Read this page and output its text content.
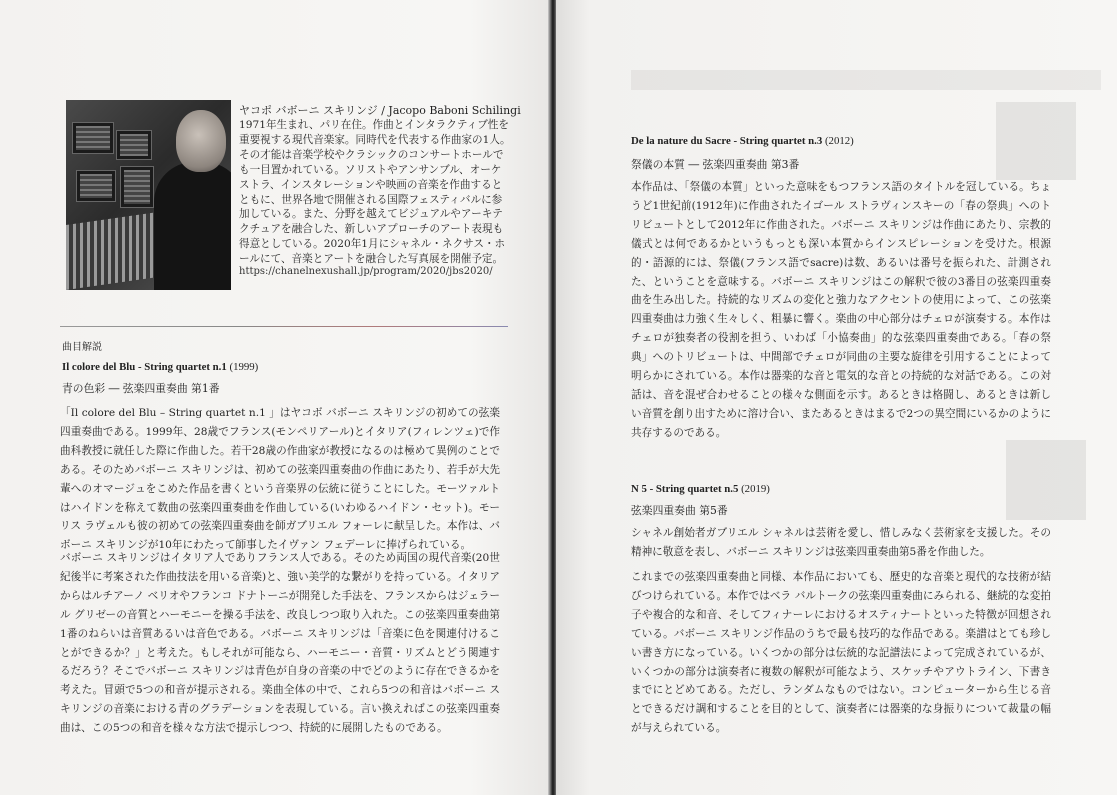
ヤコポ バボーニ スキリンジ / Jacopo Baboni Schilingi
1971年生まれ、パリ在住。作曲とインタラクティブ性を重要視する現代音楽家。同時代を代表する作曲家の1人。その才能は音楽学校やクラシックのコンサートホールでも一目置かれている。ソリストやアンサンブル、オーケストラ、インスタレーションや映画の音楽を作曲するとともに、世界各地で開催される国際フェスティバルに参加している。また、分野を越えてビジュアルやアーキテクチュアを融合した、新しいアプローチのアート表現も得意としている。2020年1月にシャネル・ネクサス・ホールにて、音楽とアートを融合した写真展を開催予定。
https://chanelnexushall.jp/program/2020/jbs2020/
曲目解説
Il colore del Blu - String quartet n.1 (1999)
青の色彩 ― 弦楽四重奏曲 第1番
「Il colore del Blu – String quartet n.1 」はヤコボ バボーニ スキリンジの初めての弦楽四重奏曲である。1999年、28歳でフランス(モンペリアール)とイタリア(フィレンツェ)で作曲科教授に就任した際に作曲した。若干28歳の作曲家が教授になるのは極めて異例のことである。そのためバボーニ スキリンジは、初めての弦楽四重奏曲の作曲にあたり、若手が大先輩へのオマージュをこめた作品を書くという音楽界の伝統に従うことにした。モーツァルトはハイドンを称えて数曲の弦楽四重奏曲を作曲している(いわゆるハイドン・セット)。モーリス ラヴェルも彼の初めての弦楽四重奏曲を師ガブリエル フォーレに献呈した。本作は、バボーニ スキリンジが10年にわたって師事したイヴァン フェデーレに捧げられている。
バボーニ スキリンジはイタリア人でありフランス人である。そのため両国の現代音楽(20世紀後半に考案された作曲技法を用いる音楽)と、強い美学的な繋がりを持っている。イタリアからはルチアーノ ベリオやフランコ ドナトーニが開発した手法を、フランスからはジェラール グリゼーの音質とハーモニーを操る手法を、改良しつつ取り入れた。この弦楽四重奏曲第1番のねらいは音質あるいは音色である。バボーニ スキリンジは「音楽に色を関連付けることができるか？」と考えた。もしそれが可能なら、ハーモニー・音質・リズムとどう関連するだろう？そこでバボーニ スキリンジは青色が自身の音楽の中でどのように存在できるかを考えた。冒頭で5つの和音が提示される。楽曲全体の中で、これら5つの和音はバボーニ スキリンジの音楽における青のグラデーションを表現している。言い換えればこの弦楽四重奏曲は、この5つの和音を様々な方法で提示しつつ、持続的に展開したものである。
De la nature du Sacre - String quartet n.3 (2012)
祭儀の本質 ― 弦楽四重奏曲 第3番
本作品は、「祭儀の本質」といった意味をもつフランス語のタイトルを冠している。ちょうど1世紀前(1912年)に作曲されたイゴール ストラヴィンスキーの「春の祭典」へのトリビュートとして2012年に作曲された。バボーニ スキリンジは作曲にあたり、宗教的儀式とは何であるかというもっとも深い本質からインスピレーションを受けた。根源的・語源的には、祭儀(フランス語でsacre)は数、あるいは番号を振られた、計測された、ということを意味する。バボーニ スキリンジはこの解釈で彼の3番目の弦楽四重奏曲を生み出した。持続的なリズムの変化と強力なアクセントの使用によって、この弦楽四重奏曲は力強く生々しく、粗暴に響く。楽曲の中心部分はチェロが演奏する。本作はチェロが独奏者の役割を担う、いわば「小協奏曲」的な弦楽四重奏曲である。「春の祭典」へのトリビュートは、中間部でチェロが同曲の主要な旋律を引用することによって明らかにされている。本作は器楽的な音と電気的な音との持続的な対話である。この対話は、音を混ぜ合わせることの様々な側面を示す。あるときは格闘し、あるときは新しい音質を創り出すために溶け合い、またあるときはまるで2つの異空間にいるかのように共存するのである。
N 5 - String quartet n.5 (2019)
弦楽四重奏曲 第5番
シャネル創始者ガブリエル シャネルは芸術を愛し、惜しみなく芸術家を支援した。その精神に敬意を表し、バボーニ スキリンジは弦楽四重奏曲第5番を作曲した。
これまでの弦楽四重奏曲と同様、本作品においても、歴史的な音楽と現代的な技術が結びつけられている。本作ではベラ バルトークの弦楽四重奏曲にみられる、継続的な変拍子や複合的な和音、そしてフィナーレにおけるオスティナートといった特徴が回想されている。バボーニ スキリンジ作品のうちで最も技巧的な作品である。楽譜はとても珍しい書き方になっている。いくつかの部分は伝統的な記譜法によって完成されているが、いくつかの部分は演奏者に複数の解釈が可能なよう、スケッチやアウトライン、下書きまでにとどめてある。ただし、ランダムなものではない。コンピューターから生じる音とできるだけ調和することを目的として、演奏者には器楽的な身振りについて裁量の幅が与えられている。
